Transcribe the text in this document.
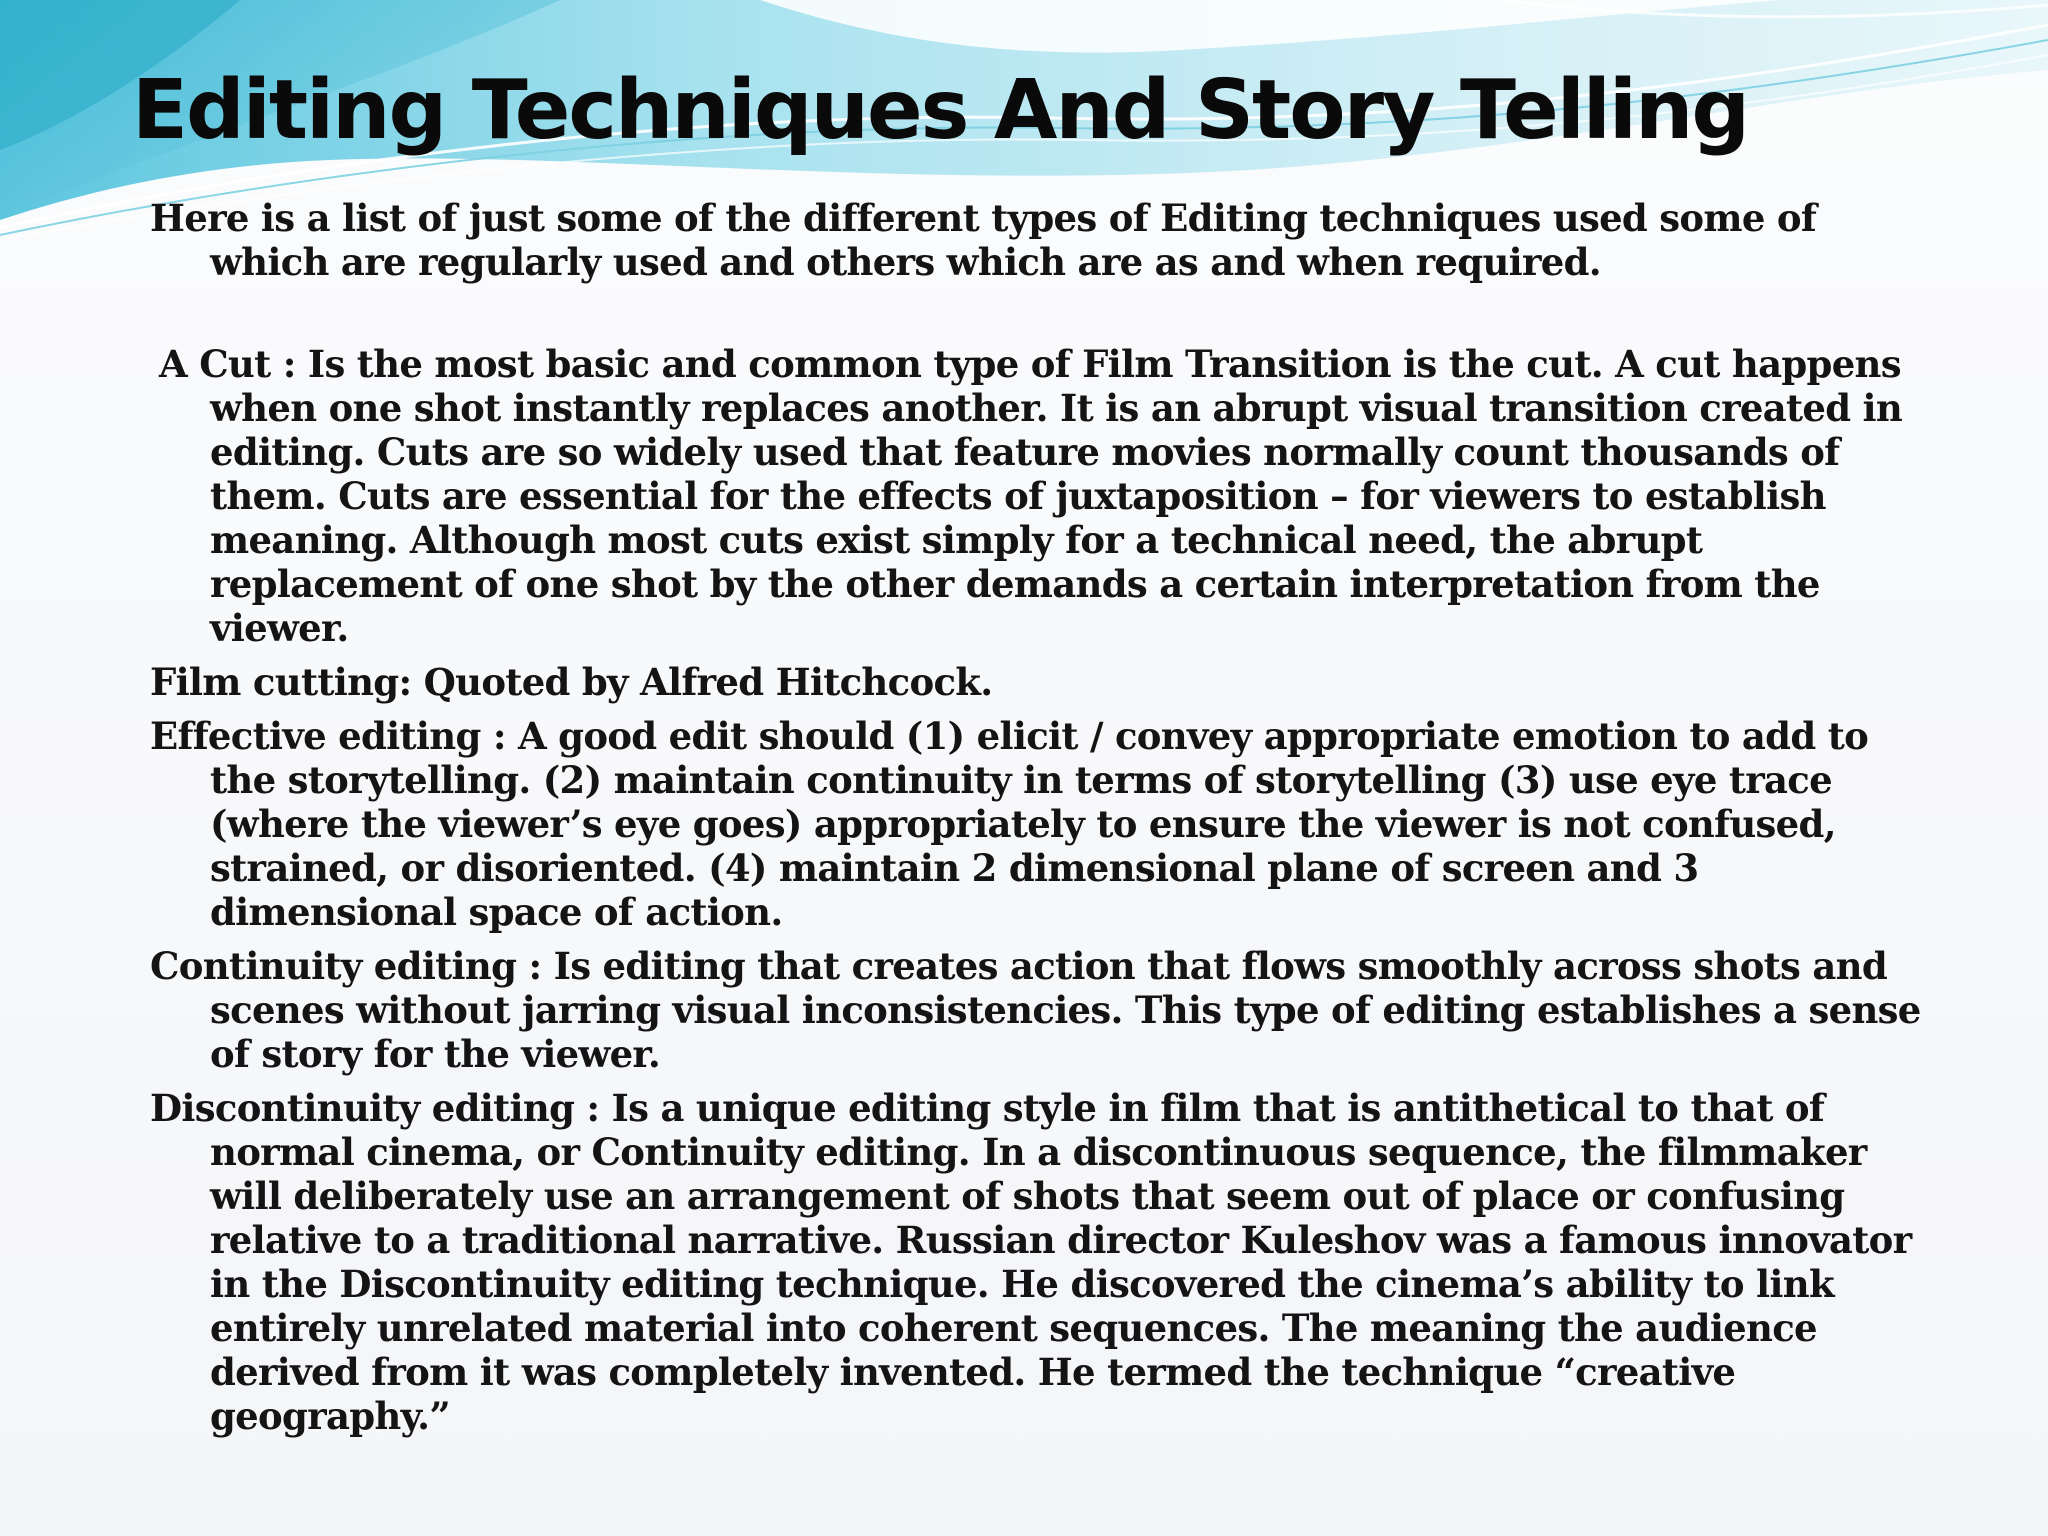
Editing Techniques And Story Telling

Here is a list of just some of the different types of Editing techniques used some of which are regularly used and others which are as and when required.

A Cut : Is the most basic and common type of Film Transition is the cut. A cut happens when one shot instantly replaces another. It is an abrupt visual transition created in editing. Cuts are so widely used that feature movies normally count thousands of them. Cuts are essential for the effects of juxtaposition – for viewers to establish meaning. Although most cuts exist simply for a technical need, the abrupt replacement of one shot by the other demands a certain interpretation from the viewer.

Film cutting: Quoted by Alfred Hitchcock.

Effective editing : A good edit should (1) elicit / convey appropriate emotion to add to the storytelling. (2) maintain continuity in terms of storytelling (3) use eye trace (where the viewer’s eye goes) appropriately to ensure the viewer is not confused, strained, or disoriented. (4) maintain 2 dimensional plane of screen and 3 dimensional space of action.

Continuity editing : Is editing that creates action that flows smoothly across shots and scenes without jarring visual inconsistencies. This type of editing establishes a sense of story for the viewer.

Discontinuity editing : Is a unique editing style in film that is antithetical to that of normal cinema, or Continuity editing. In a discontinuous sequence, the filmmaker will deliberately use an arrangement of shots that seem out of place or confusing relative to a traditional narrative. Russian director Kuleshov was a famous innovator in the Discontinuity editing technique. He discovered the cinema’s ability to link entirely unrelated material into coherent sequences. The meaning the audience derived from it was completely invented. He termed the technique “creative geography.”
